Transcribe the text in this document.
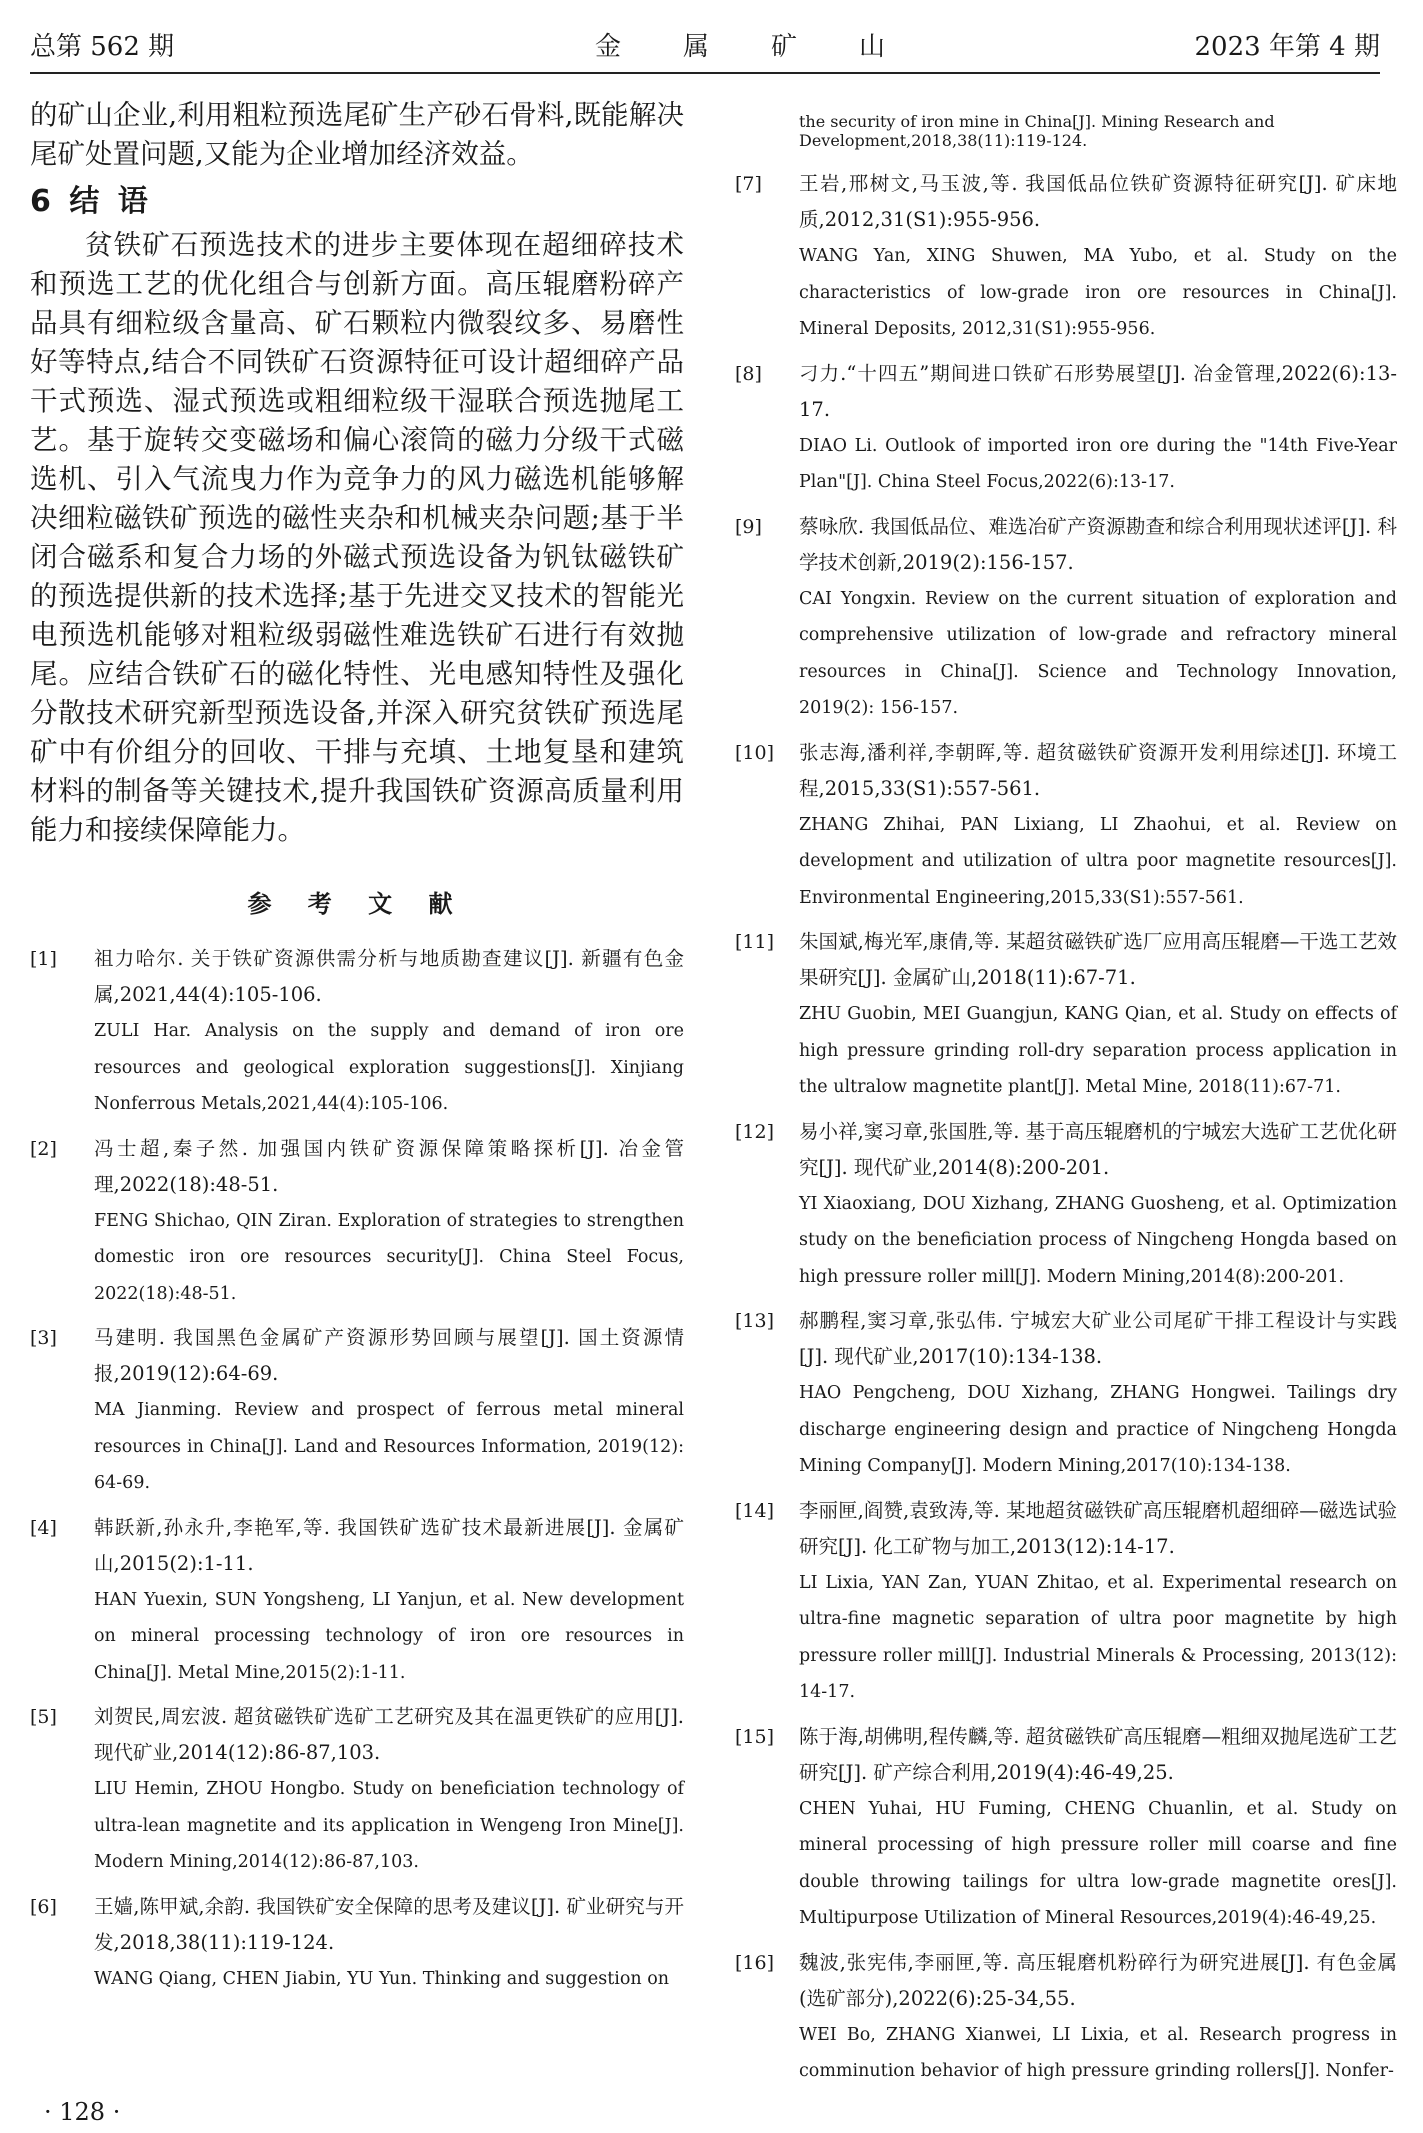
总第 562 期	金属矿山	2023 年第 4 期

的矿山企业,利用粗粒预选尾矿生产砂石骨料,既能解决尾矿处置问题,又能为企业增加经济效益。

6 结 语

贫铁矿石预选技术的进步主要体现在超细碎技术和预选工艺的优化组合与创新方面。高压辊磨粉碎产品具有细粒级含量高、矿石颗粒内微裂纹多、易磨性好等特点,结合不同铁矿石资源特征可设计超细碎产品干式预选、湿式预选或粗细粒级干湿联合预选抛尾工艺。基于旋转交变磁场和偏心滚筒的磁力分级干式磁选机、引入气流曳力作为竞争力的风力磁选机能够解决细粒磁铁矿预选的磁性夹杂和机械夹杂问题;基于半闭合磁系和复合力场的外磁式预选设备为钒钛磁铁矿的预选提供新的技术选择;基于先进交叉技术的智能光电预选机能够对粗粒级弱磁性难选铁矿石进行有效抛尾。应结合铁矿石的磁化特性、光电感知特性及强化分散技术研究新型预选设备,并深入研究贫铁矿预选尾矿中有价组分的回收、干排与充填、土地复垦和建筑材料的制备等关键技术,提升我国铁矿资源高质量利用能力和接续保障能力。

参 考 文 献
[1] 祖力哈尔. 关于铁矿资源供需分析与地质勘查建议[J]. 新疆有色金属,2021,44(4):105-106.

ZULI Har. Analysis on the supply and demand of iron ore resources and geological exploration suggestions[J]. Xinjiang Nonferrous Metals,2021,44(4):105-106.

[2] 冯士超,秦子然. 加强国内铁矿资源保障策略探析[J]. 冶金管理,2022(18):48-51.

FENG Shichao, QIN Ziran. Exploration of strategies to strengthen domestic iron ore resources security[J]. China Steel Focus, 2022(18):48-51.

[3] 马建明. 我国黑色金属矿产资源形势回顾与展望[J]. 国土资源情报,2019(12):64-69.

MA Jianming. Review and prospect of ferrous metal mineral resources in China[J]. Land and Resources Information, 2019(12): 64-69.

[4] 韩跃新,孙永升,李艳军,等. 我国铁矿选矿技术最新进展[J]. 金属矿山,2015(2):1-11.

HAN Yuexin, SUN Yongsheng, LI Yanjun, et al. New development on mineral processing technology of iron ore resources in China[J]. Metal Mine,2015(2):1-11.

[5] 刘贺民,周宏波. 超贫磁铁矿选矿工艺研究及其在温更铁矿的应用[J]. 现代矿业,2014(12):86-87,103.

LIU Hemin, ZHOU Hongbo. Study on beneficiation technology of ultra-lean magnetite and its application in Wengeng Iron Mine[J]. Modern Mining,2014(12):86-87,103.

[6] 王嫱,陈甲斌,余韵. 我国铁矿安全保障的思考及建议[J]. 矿业研究与开发,2018,38(11):119-124.

WANG Qiang, CHEN Jiabin, YU Yun. Thinking and suggestion on

the security of iron mine in China[J]. Mining Research and Development,2018,38(11):119-124.

[7] 王岩,邢树文,马玉波,等. 我国低品位铁矿资源特征研究[J]. 矿床地质,2012,31(S1):955-956.

WANG Yan, XING Shuwen, MA Yubo, et al. Study on the characteristics of low-grade iron ore resources in China[J]. Mineral Deposits, 2012,31(S1):955-956.

[8] 刁力.“十四五”期间进口铁矿石形势展望[J]. 冶金管理,2022(6):13-17.

DIAO Li. Outlook of imported iron ore during the "14th Five-Year Plan"[J]. China Steel Focus,2022(6):13-17.

[9] 蔡咏欣. 我国低品位、难选冶矿产资源勘查和综合利用现状述评[J]. 科学技术创新,2019(2):156-157.

CAI Yongxin. Review on the current situation of exploration and comprehensive utilization of low-grade and refractory mineral resources in China[J]. Science and Technology Innovation, 2019(2): 156-157.

[10] 张志海,潘利祥,李朝晖,等. 超贫磁铁矿资源开发利用综述[J]. 环境工程,2015,33(S1):557-561.

ZHANG Zhihai, PAN Lixiang, LI Zhaohui, et al. Review on development and utilization of ultra poor magnetite resources[J]. Environmental Engineering,2015,33(S1):557-561.

[11] 朱国斌,梅光军,康倩,等. 某超贫磁铁矿选厂应用高压辊磨—干选工艺效果研究[J]. 金属矿山,2018(11):67-71.

ZHU Guobin, MEI Guangjun, KANG Qian, et al. Study on effects of high pressure grinding roll-dry separation process application in the ultralow magnetite plant[J]. Metal Mine, 2018(11):67-71.

[12] 易小祥,窦习章,张国胜,等. 基于高压辊磨机的宁城宏大选矿工艺优化研究[J]. 现代矿业,2014(8):200-201.

YI Xiaoxiang, DOU Xizhang, ZHANG Guosheng, et al. Optimization study on the beneficiation process of Ningcheng Hongda based on high pressure roller mill[J]. Modern Mining,2014(8):200-201.

[13] 郝鹏程,窦习章,张弘伟. 宁城宏大矿业公司尾矿干排工程设计与实践[J]. 现代矿业,2017(10):134-138.

HAO Pengcheng, DOU Xizhang, ZHANG Hongwei. Tailings dry discharge engineering design and practice of Ningcheng Hongda Mining Company[J]. Modern Mining,2017(10):134-138.

[14] 李丽匣,阎赞,袁致涛,等. 某地超贫磁铁矿高压辊磨机超细碎—磁选试验研究[J]. 化工矿物与加工,2013(12):14-17.

LI Lixia, YAN Zan, YUAN Zhitao, et al. Experimental research on ultra-fine magnetic separation of ultra poor magnetite by high pressure roller mill[J]. Industrial Minerals & Processing, 2013(12): 14-17.

[15] 陈于海,胡佛明,程传麟,等. 超贫磁铁矿高压辊磨—粗细双抛尾选矿工艺研究[J]. 矿产综合利用,2019(4):46-49,25.

CHEN Yuhai, HU Fuming, CHENG Chuanlin, et al. Study on mineral processing of high pressure roller mill coarse and fine double throwing tailings for ultra low-grade magnetite ores[J]. Multipurpose Utilization of Mineral Resources,2019(4):46-49,25.

[16] 魏波,张宪伟,李丽匣,等. 高压辊磨机粉碎行为研究进展[J]. 有色金属(选矿部分),2022(6):25-34,55.

WEI Bo, ZHANG Xianwei, LI Lixia, et al. Research progress in comminution behavior of high pressure grinding rollers[J]. Nonfer-

· 128 ·
